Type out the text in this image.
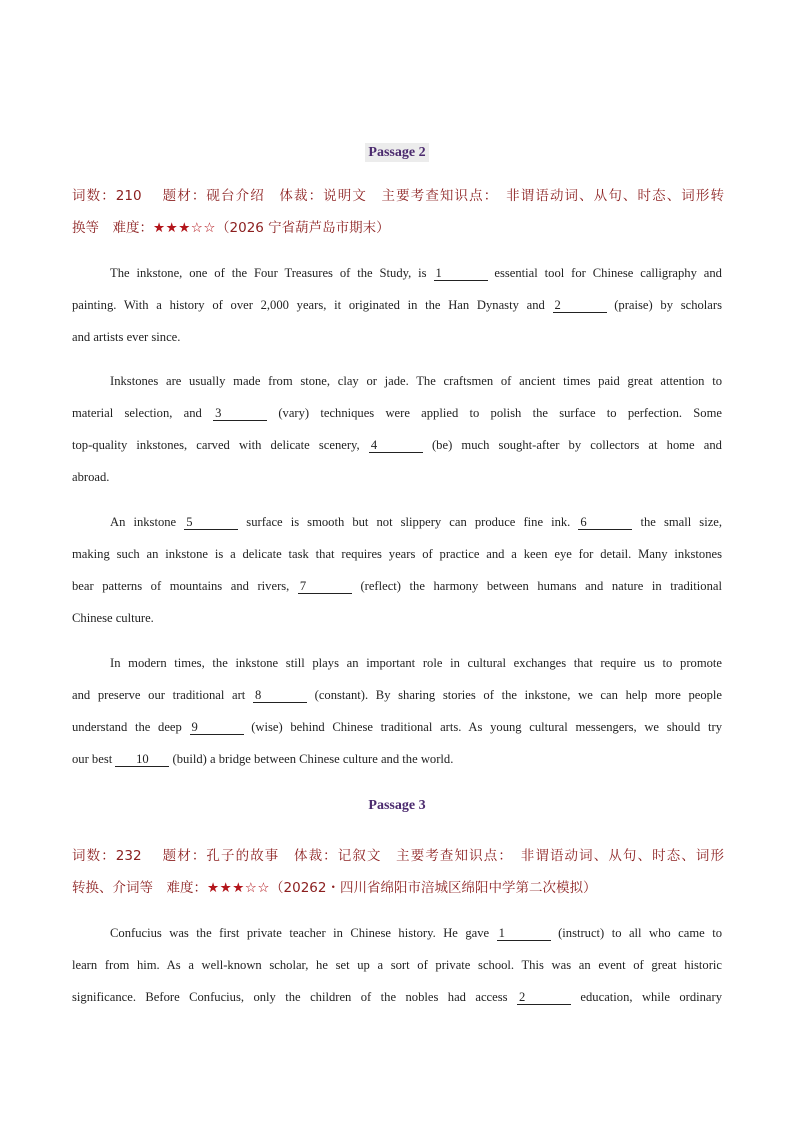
Passage 2
词数：210　 题材：砚台介绍　体裁：说明文　主要考查知识点：　非谓语动词、从句、时态、词形转
换等　难度：★★★☆☆（2026 宁省葫芦岛市期末）
The inkstone, one of the Four Treasures of the Study, is 1	essential tool for Chinese calligraphy and
painting. With a history of over 2,000 years, it originated in the Han Dynasty and 2	(praise) by scholars
and artists ever since.
Inkstones are usually made from stone, clay or jade. The craftsmen of ancient times paid great attention to
material selection, and 3	(vary) techniques were applied to polish the surface to perfection. Some
top-quality inkstones, carved with delicate scenery, 4	(be) much sought-after by collectors at home and
abroad.
An inkstone 5	surface is smooth but not slippery can produce fine ink. 6	the small size,
making such an inkstone is a delicate task that requires years of practice and a keen eye for detail. Many inkstones
bear patterns of mountains and rivers, 7	(reflect) the harmony between humans and nature in traditional
Chinese culture.
In modern times, the inkstone still plays an important role in cultural exchanges that require us to promote
and preserve our traditional art 8	(constant). By sharing stories of the inkstone, we can help more people
understand the deep 9	(wise) behind Chinese traditional arts. As young cultural messengers, we should try
our best 10 (build) a bridge between Chinese culture and the world.
Passage 3
词数：232　 题材：孔子的故事　体裁：记叙文　主要考查知识点：　非谓语动词、从句、时态、词形
转换、介词等　难度：★★★☆☆（20262・四川省绵阳市涪城区绵阳中学第二次模拟）
Confucius was the first private teacher in Chinese history. He gave 1	(instruct) to all who came to
learn from him. As a well-known scholar, he set up a sort of private school. This was an event of great historic
significance. Before Confucius, only the children of the nobles had access 2	education, while ordinary
